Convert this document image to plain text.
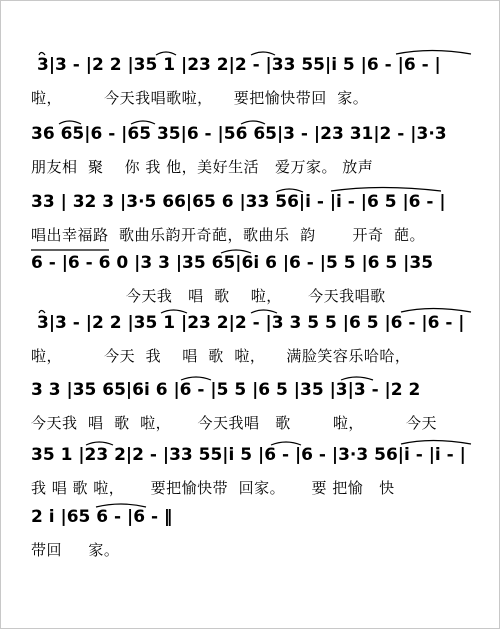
3|3 - |2 2 |35 1 |23 2|2 - |33 55|i 5 |6 - |6 - |
啦，        今天我唱歌啦，    要把愉快带回  家。
36 65|6 - |65 35|6 - |56 65|3 - |23 31|2 - |3·3
朋友相  聚    你 我 他，美好生活   爱万家。 放声
33 | 32 3 |3·5 66|65 6 |33 56|i - |i - |6 5 |6 - |
唱出幸福路  歌曲乐韵开奇葩，歌曲乐  韵       开奇  葩。
6 - |6 - 6 0 |3 3 |35 65|6i 6 |6 - |5 5 |6 5 |35
今天我   唱  歌    啦，     今天我唱歌
3|3 - |2 2 |35 1 |23 2|2 - |3 3 5 5 |6 5 |6 - |6 - |
啦，        今天  我    唱  歌  啦，    满脸笑容乐哈哈，
3 3 |35 65|6i 6 |6 - |5 5 |6 5 |35 |3|3 - |2 2
今天我  唱  歌  啦，     今天我唱   歌        啦，        今天
35 1 |23 2|2 - |33 55|i 5 |6 - |6 - |3·3 56|i - |i - |
我 唱 歌 啦，     要把愉快带  回家。     要 把愉   快
2 i |65 6 - |6 - ‖
带回     家。
